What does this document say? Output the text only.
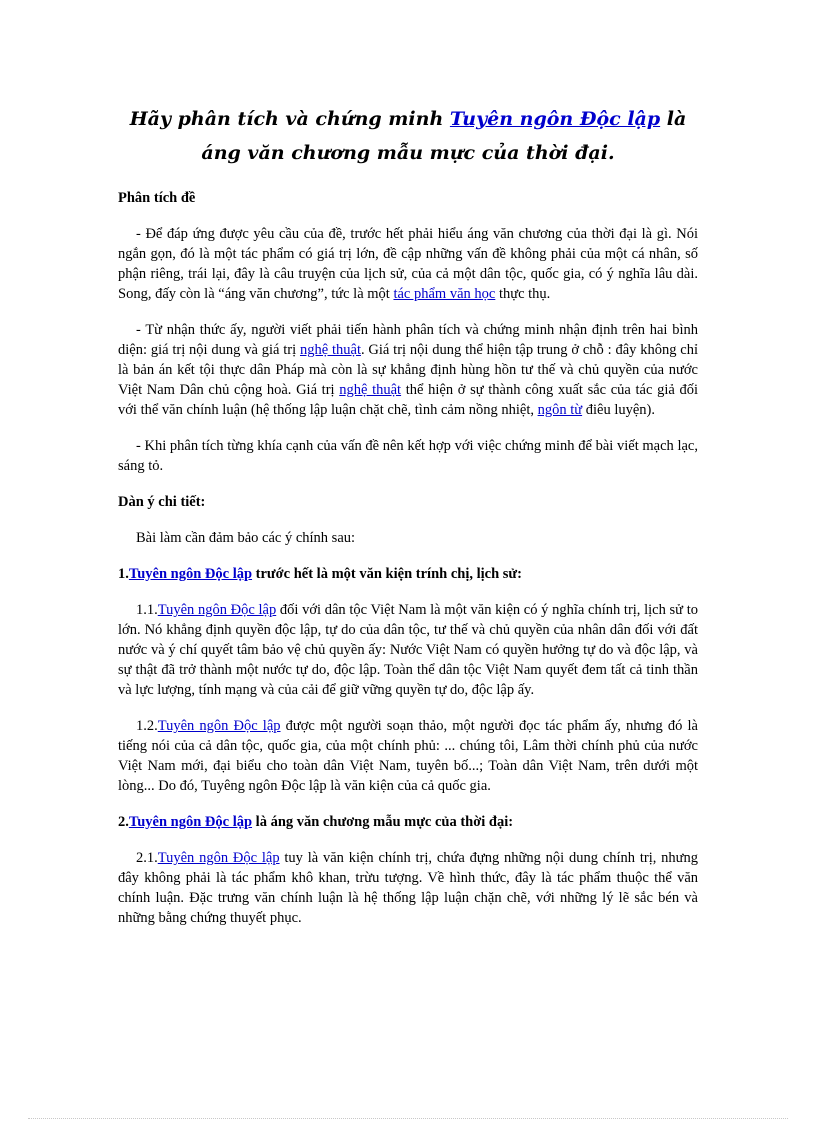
Hãy phân tích và chứng minh Tuyên ngôn Độc lập là áng văn chương mẫu mực của thời đại.
Phân tích đề

- Để đáp ứng được yêu cầu của đề, trước hết phải hiểu áng văn chương của thời đại là gì. Nói ngắn gọn, đó là một tác phẩm có giá trị lớn, đề cập những vấn đề không phải của một cá nhân, số phận riêng, trái lại, đây là câu truyện của lịch sử, của cả một dân tộc, quốc gia, có ý nghĩa lâu dài. Song, đấy còn là “áng văn chương”, tức là một tác phẩm văn học thực thụ.

- Từ nhận thức ấy, người viết phải tiến hành phân tích và chứng minh nhận định trên hai bình diện: giá trị nội dung và giá trị nghệ thuật. Giá trị nội dung thể hiện tập trung ở chỗ : đây không chỉ là bản án kết tội thực dân Pháp mà còn là sự khẳng định hùng hồn tư thế và chủ quyền của nước Việt Nam Dân chủ cộng hoà. Giá trị nghệ thuật thể hiện ở sự thành công xuất sắc của tác giả đối với thể văn chính luận (hệ thống lập luận chặt chẽ, tình cảm nồng nhiệt, ngôn từ điêu luyện).

- Khi phân tích từng khía cạnh của vấn đề nên kết hợp với việc chứng minh để bài viết mạch lạc, sáng tỏ.

Dàn ý chi tiết:

Bài làm cần đảm bảo các ý chính sau:

1.Tuyên ngôn Độc lập trước hết là một văn kiện trính chị, lịch sử:

1.1.Tuyên ngôn Độc lập đối với dân tộc Việt Nam là một văn kiện có ý nghĩa chính trị, lịch sử to lớn. Nó khẳng định quyền độc lập, tự do của dân tộc, tư thế và chủ quyền của nhân dân đối với đất nước và ý chí quyết tâm bảo vệ chủ quyền ấy: Nước Việt Nam có quyền hưởng tự do và độc lập, và sự thật đã trở thành một nước tự do, độc lập. Toàn thể dân tộc Việt Nam quyết đem tất cả tinh thần và lực lượng, tính mạng và của cải để giữ vững quyền tự do, độc lập ấy.

1.2.Tuyên ngôn Độc lập được một người soạn thảo, một người đọc tác phẩm ấy, nhưng đó là tiếng nói của cả dân tộc, quốc gia, của một chính phủ: ... chúng tôi, Lâm thời chính phủ của nước Việt Nam mới, đại biểu cho toàn dân Việt Nam, tuyên bố...; Toàn dân Việt Nam, trên dưới một lòng... Do đó, Tuyêng ngôn Độc lập là văn kiện của cả quốc gia.

2.Tuyên ngôn Độc lập là áng văn chương mẫu mực của thời đại:

2.1.Tuyên ngôn Độc lập tuy là văn kiện chính trị, chứa đựng những nội dung chính trị, nhưng đây không phải là tác phẩm khô khan, trừu tượng. Về hình thức, đây là tác phẩm thuộc thể văn chính luận. Đặc trưng văn chính luận là hệ thống lập luận chặn chẽ, với những lý lẽ sắc bén và những bằng chứng thuyết phục.
